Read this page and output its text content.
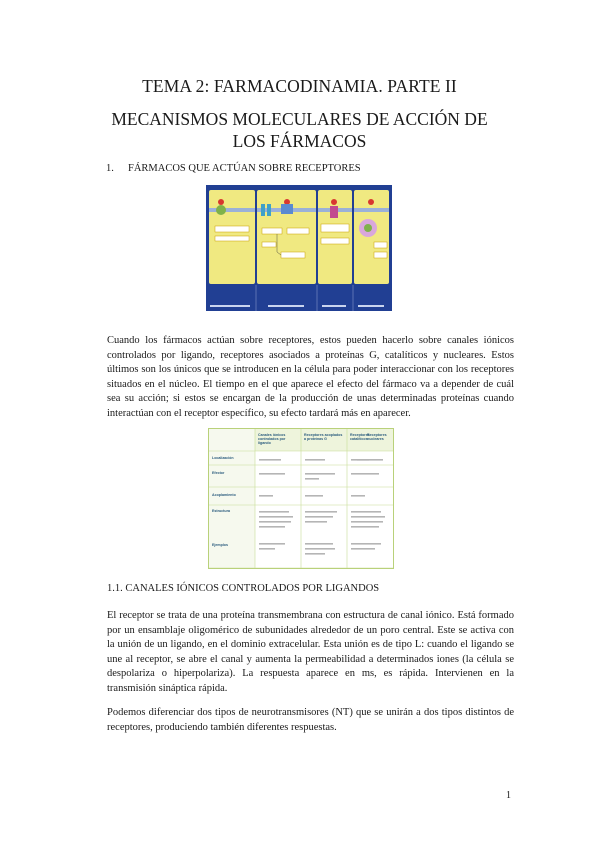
TEMA 2: FARMACODINAMIA. PARTE II
MECANISMOS MOLECULARES DE ACCIÓN DE
LOS FÁRMACOS
1. FÁRMACOS QUE ACTÚAN SOBRE RECEPTORES
Canales iónicos controlados por ligando
Receptores acoplados a proteínas G
Receptores catalíticos
Localización
Efector
Acoplamiento
Estructura
Ejemplos
Receptores nucleares
Cuando los fármacos actúan sobre receptores, estos pueden hacerlo sobre canales iónicos controlados por ligando, receptores asociados a proteínas G, catalíticos y nucleares. Estos últimos son los únicos que se introducen en la célula para poder interaccionar con los receptores situados en el núcleo. El tiempo en el que aparece el efecto del fármaco va a depender de cuál sea su acción; si estos se encargan de la producción de unas determinadas proteínas cuando interactúan con el receptor específico, su efecto tardará más en aparecer.
1.1. CANALES IÓNICOS CONTROLADOS POR LIGANDOS
El receptor se trata de una proteína transmembrana con estructura de canal iónico. Está formado por un ensamblaje oligomérico de subunidades alrededor de un poro central. Este se activa con la unión de un ligando, en el dominio extracelular. Esta unión es de tipo L: cuando el ligando se une al receptor, se abre el canal y aumenta la permeabilidad a determinados iones (la célula se despolariza o hiperpolariza). La respuesta aparece en ms, es rápida. Intervienen en la transmisión sináptica rápida.
Podemos diferenciar dos tipos de neurotransmisores (NT) que se unirán a dos tipos distintos de receptores, produciendo también diferentes respuestas.
1
